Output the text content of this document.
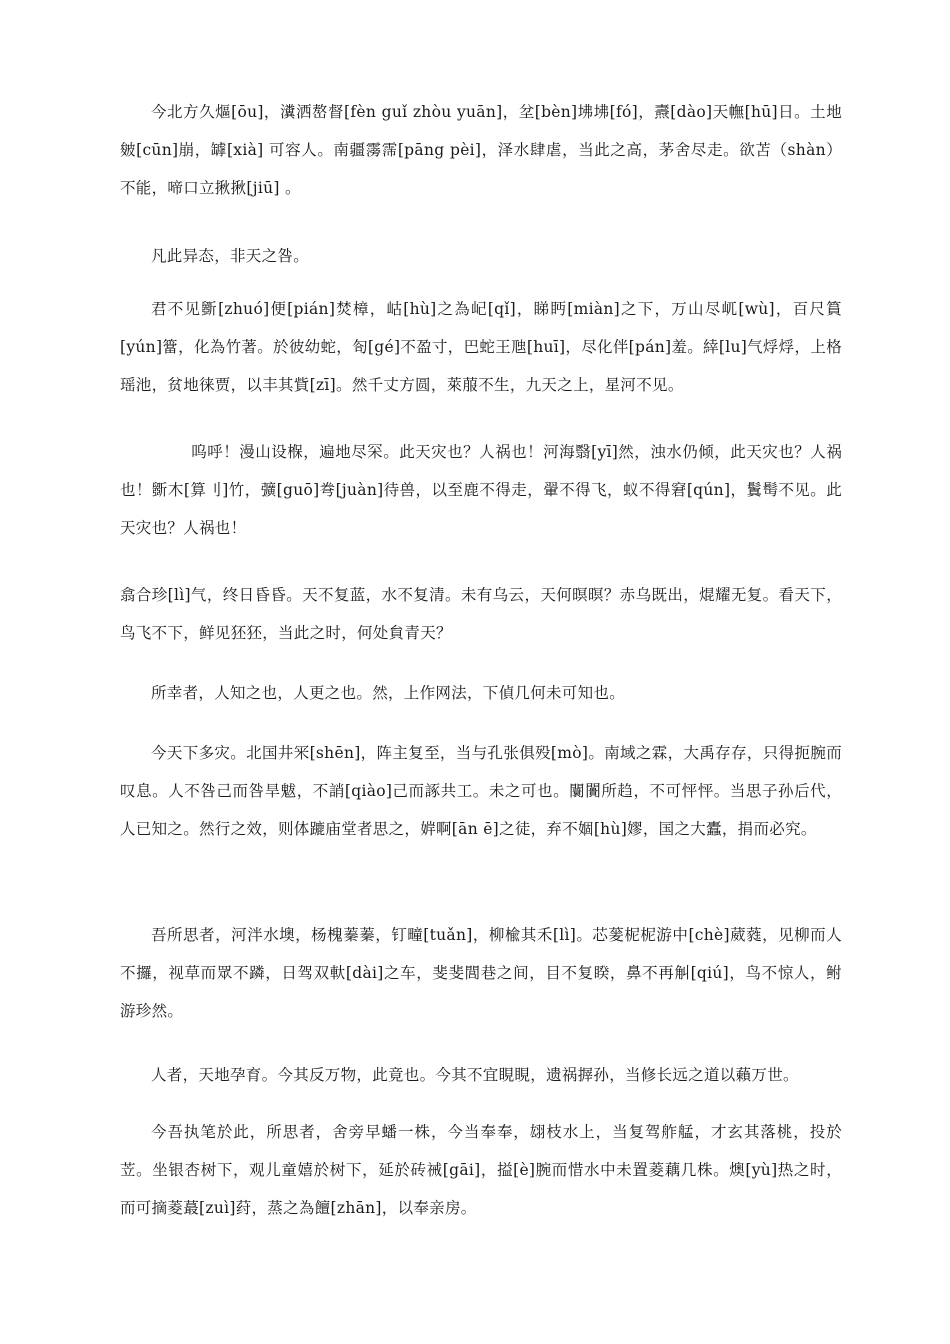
今北方久熰[ōu]，瀵洒嶅督[fèn guǐ zhòu yuān]，坌[bèn]坲坲[fó]，燾[dào]天幠[hū]日。土地皴[cūn]崩，罅[xià] 可容人。南疆霶霈[pāng pèi]，泽水肆虐，当此之高，茅舍尽走。欲苫（shàn）不能，啼口立揪揪[jiū] 。

凡此异态，非天之咎。

君不见斵[zhuó]便[pián]焚樟，岵[hù]之為屺[qǐ]，睇眄[miàn]之下，万山尽屼[wù]，百尺篔[yún]簹，化為竹著。於彼幼蛇，匌[gé]不盈寸，巴蛇王虺[huī]，尽化伴[pán]羞。緈[lu]气烰烰，上格瑶池，贫地徕贾，以丰其貲[zī]。然千丈方圆，萊菔不生，九天之上，星河不见。

呜呼！漫山设椺，遍地尽罙。此天灾也？人祸也！河海翳[yī]然，浊水仍倾，此天灾也？人祸也！斵木[算刂]竹，彍[guō]弮[juàn]待兽，以至鹿不得走，翬不得飞，蚁不得窘[qún]，鬒髩不见。此天灾也？人祸也！

翕合珍[lì]气，终日昏昏。天不复蓝，水不复清。未有乌云，天何暝暝？赤乌既出，焜耀无复。看天下，鸟飞不下，鲜见狉狉，当此之时，何处貟青天？

所幸者，人知之也，人更之也。然，上作网法，下偵几何未可知也。

今天下多灾。北国井冞[shēn]，阵主复至，当与孔张俱殁[mò]。南域之霖，大禹存存，只得扼腕而叹息。人不咎己而咎旱魃，不誚[qiào]己而諑共工。未之可也。闤闠所趋，不可怦怦。当思子孙后代，人已知之。然行之效，则体蹗庙堂者思之，婩啊[ān ē]之徒，弃不婟[hù]嫪，国之大蠹，捐而必究。

吾所思者，河泮水墺，杨槐蓁蓁，钉疃[tuǎn]，柳楡其禾[lì]。芯蓌柅柅游中[chè]葳蕤，见柳而人不攞，视草而眾不蹸，日驾双軑[dài]之车，斐斐閭巷之间，目不复睽，鼻不再觓[qiú]，鸟不惊人，鲋游珍然。

人者，天地孕育。今其反万物，此竟也。今其不宜睍睍，遗祸搱孙，当修长远之道以藾万世。

今吾执笔於此，所思者，舍旁早蟠一株，今当奉奉，翃枝水上，当复驾舴艋，才玄其落桃，投於苙。坐银杏树下，观儿童嬉於树下，延於砖祴[gāi]，搤[è]腕而惜水中未置菱藕几株。燠[yù]热之时，而可摘菱蕞[zuì]荮，蒸之為饘[zhān]，以奉亲房。
